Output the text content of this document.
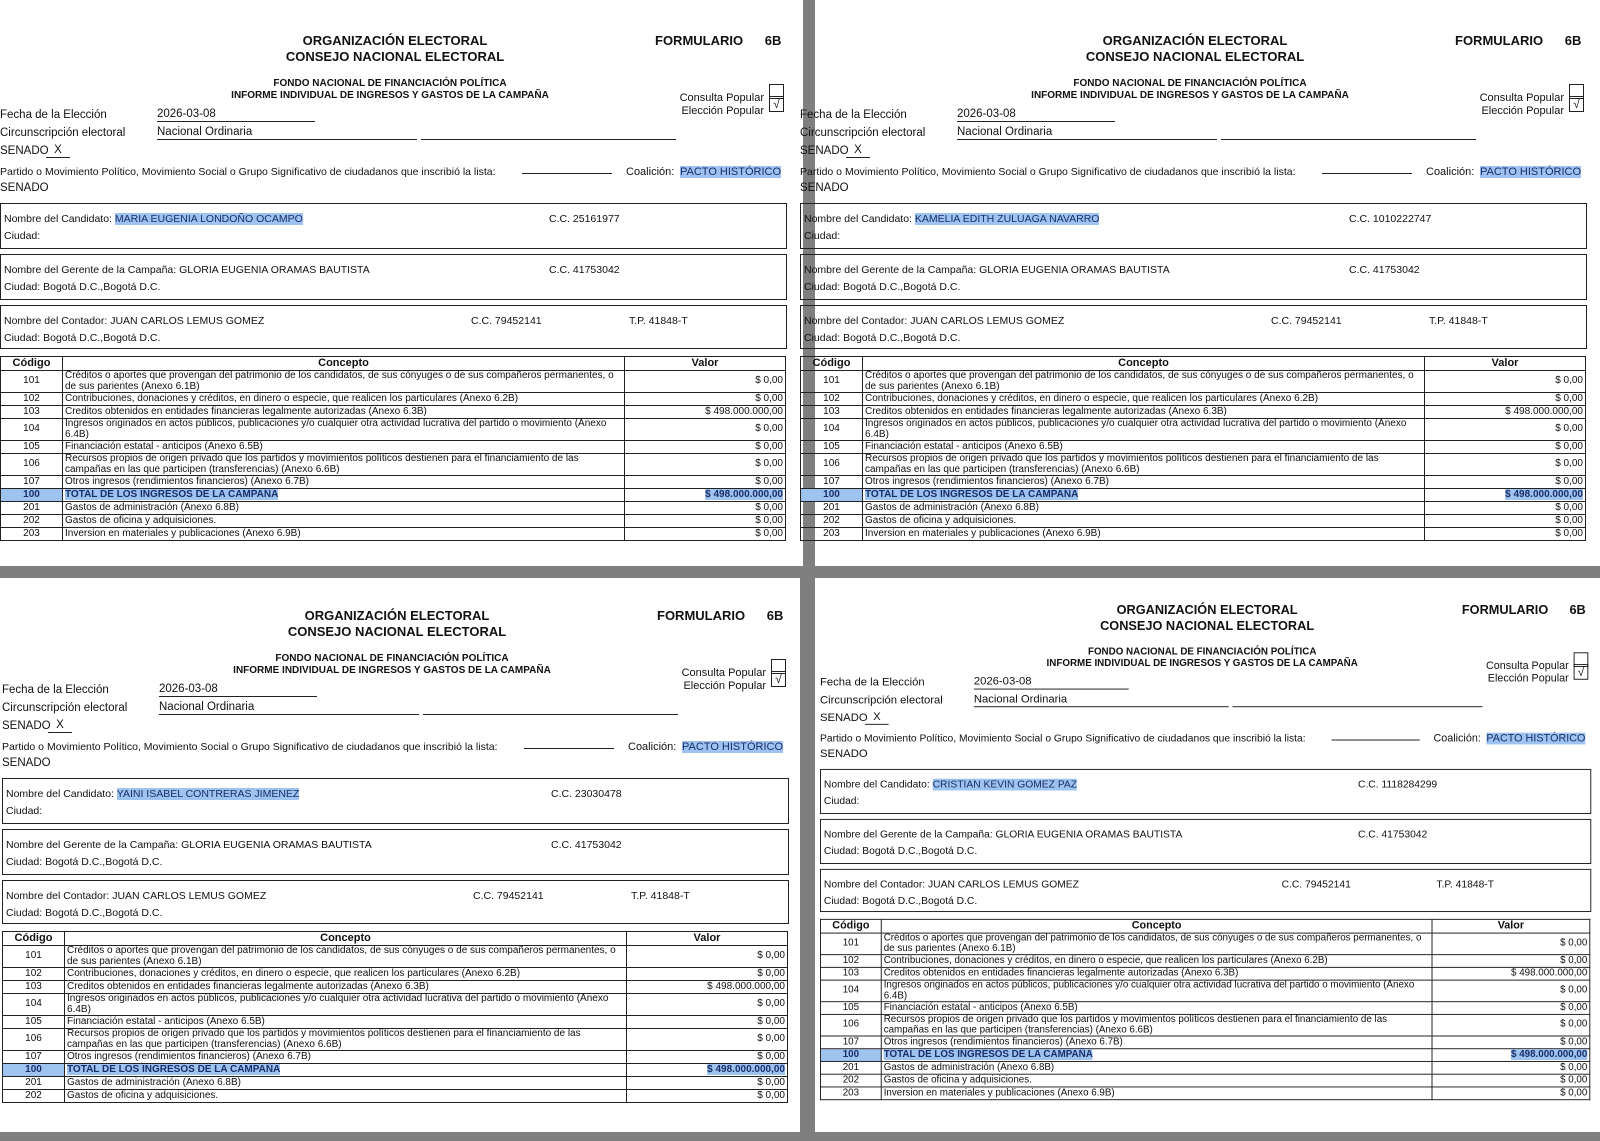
ORGANIZACIÓN ELECTORAL
CONSEJO NACIONAL ELECTORAL
FORMULARIO 6B
FONDO NACIONAL DE FINANCIACIÓN POLÍTICA
INFORME INDIVIDUAL DE INGRESOS Y GASTOS DE LA CAMPAÑA	Consulta Popular
Elección Popular √
Fecha de la Elección	2026-03-08
Circunscripción electoral	Nacional Ordinaria
SENADO X
Partido o Movimiento Político, Movimiento Social o Grupo Significativo de ciudadanos que inscribió la lista:	Coalición: PACTO HISTÓRICO
SENADO
Nombre del Candidato: MARIA EUGENIA LONDOÑO OCAMPO	C.C. 25161977
Ciudad:
Nombre del Gerente de la Campaña: GLORIA EUGENIA ORAMAS BAUTISTA	C.C. 41753042
Ciudad: Bogotá D.C.,Bogotá D.C.
Nombre del Contador: JUAN CARLOS LEMUS GOMEZ	C.C. 79452141	T.P. 41848-T
Ciudad: Bogotá D.C.,Bogotá D.C.
Código	Concepto	Valor
101	Créditos o aportes que provengan del patrimonio de los candidatos, de sus cónyuges o de sus compañeros permanentes, o de sus parientes (Anexo 6.1B)	$ 0,00
102	Contribuciones, donaciones y créditos, en dinero o especie, que realicen los particulares (Anexo 6.2B)	$ 0,00
103	Creditos obtenidos en entidades financieras legalmente autorizadas (Anexo 6.3B)	$ 498.000.000,00
104	Ingresos originados en actos públicos, publicaciones y/o cualquier otra actividad lucrativa del partido o movimiento (Anexo 6.4B)	$ 0,00
105	Financiación estatal - anticipos (Anexo 6.5B)	$ 0,00
106	Recursos propios de origen privado que los partidos y movimientos políticos destienen para el financiamiento de las campañas en las que participen (transferencias) (Anexo 6.6B)	$ 0,00
107	Otros ingresos (rendimientos financieros) (Anexo 6.7B)	$ 0,00
100	TOTAL DE LOS INGRESOS DE LA CAMPAÑA	$ 498.000.000,00
201	Gastos de administración (Anexo 6.8B)	$ 0,00
202	Gastos de oficina y adquisiciones.	$ 0,00
203	Inversion en materiales y publicaciones (Anexo 6.9B)	$ 0,00
ORGANIZACIÓN ELECTORAL
CONSEJO NACIONAL ELECTORAL
FORMULARIO 6B
FONDO NACIONAL DE FINANCIACIÓN POLÍTICA
INFORME INDIVIDUAL DE INGRESOS Y GASTOS DE LA CAMPAÑA	Consulta Popular
Elección Popular √
Fecha de la Elección	2026-03-08
Circunscripción electoral	Nacional Ordinaria
SENADO X
Partido o Movimiento Político, Movimiento Social o Grupo Significativo de ciudadanos que inscribió la lista:	Coalición: PACTO HISTÓRICO
SENADO
Nombre del Candidato: KAMELIA EDITH ZULUAGA NAVARRO	C.C. 1010222747
Ciudad:
Nombre del Gerente de la Campaña: GLORIA EUGENIA ORAMAS BAUTISTA	C.C. 41753042
Ciudad: Bogotá D.C.,Bogotá D.C.
Nombre del Contador: JUAN CARLOS LEMUS GOMEZ	C.C. 79452141	T.P. 41848-T
Ciudad: Bogotá D.C.,Bogotá D.C.
Código	Concepto	Valor
101	Créditos o aportes que provengan del patrimonio de los candidatos, de sus cónyuges o de sus compañeros permanentes, o de sus parientes (Anexo 6.1B)	$ 0,00
102	Contribuciones, donaciones y créditos, en dinero o especie, que realicen los particulares (Anexo 6.2B)	$ 0,00
103	Creditos obtenidos en entidades financieras legalmente autorizadas (Anexo 6.3B)	$ 498.000.000,00
104	Ingresos originados en actos públicos, publicaciones y/o cualquier otra actividad lucrativa del partido o movimiento (Anexo 6.4B)	$ 0,00
105	Financiación estatal - anticipos (Anexo 6.5B)	$ 0,00
106	Recursos propios de origen privado que los partidos y movimientos políticos destienen para el financiamiento de las campañas en las que participen (transferencias) (Anexo 6.6B)	$ 0,00
107	Otros ingresos (rendimientos financieros) (Anexo 6.7B)	$ 0,00
100	TOTAL DE LOS INGRESOS DE LA CAMPAÑA	$ 498.000.000,00
201	Gastos de administración (Anexo 6.8B)	$ 0,00
202	Gastos de oficina y adquisiciones.	$ 0,00
203	Inversion en materiales y publicaciones (Anexo 6.9B)	$ 0,00
ORGANIZACIÓN ELECTORAL
CONSEJO NACIONAL ELECTORAL
FORMULARIO 6B
FONDO NACIONAL DE FINANCIACIÓN POLÍTICA
INFORME INDIVIDUAL DE INGRESOS Y GASTOS DE LA CAMPAÑA	Consulta Popular
Elección Popular √
Fecha de la Elección	2026-03-08
Circunscripción electoral	Nacional Ordinaria
SENADO X
Partido o Movimiento Político, Movimiento Social o Grupo Significativo de ciudadanos que inscribió la lista:	Coalición: PACTO HISTÓRICO
SENADO
Nombre del Candidato: YAINI ISABEL CONTRERAS JIMENEZ	C.C. 23030478
Ciudad:
Nombre del Gerente de la Campaña: GLORIA EUGENIA ORAMAS BAUTISTA	C.C. 41753042
Ciudad: Bogotá D.C.,Bogotá D.C.
Nombre del Contador: JUAN CARLOS LEMUS GOMEZ	C.C. 79452141	T.P. 41848-T
Ciudad: Bogotá D.C.,Bogotá D.C.
Código	Concepto	Valor
101	Créditos o aportes que provengan del patrimonio de los candidatos, de sus cónyuges o de sus compañeros permanentes, o de sus parientes (Anexo 6.1B)	$ 0,00
102	Contribuciones, donaciones y créditos, en dinero o especie, que realicen los particulares (Anexo 6.2B)	$ 0,00
103	Creditos obtenidos en entidades financieras legalmente autorizadas (Anexo 6.3B)	$ 498.000.000,00
104	Ingresos originados en actos públicos, publicaciones y/o cualquier otra actividad lucrativa del partido o movimiento (Anexo 6.4B)	$ 0,00
105	Financiación estatal - anticipos (Anexo 6.5B)	$ 0,00
106	Recursos propios de origen privado que los partidos y movimientos políticos destienen para el financiamiento de las campañas en las que participen (transferencias) (Anexo 6.6B)	$ 0,00
107	Otros ingresos (rendimientos financieros) (Anexo 6.7B)	$ 0,00
100	TOTAL DE LOS INGRESOS DE LA CAMPAÑA	$ 498.000.000,00
201	Gastos de administración (Anexo 6.8B)	$ 0,00
202	Gastos de oficina y adquisiciones.	$ 0,00
ORGANIZACIÓN ELECTORAL
CONSEJO NACIONAL ELECTORAL
FORMULARIO 6B
FONDO NACIONAL DE FINANCIACIÓN POLÍTICA
INFORME INDIVIDUAL DE INGRESOS Y GASTOS DE LA CAMPAÑA	Consulta Popular
Elección Popular √
Fecha de la Elección	2026-03-08
Circunscripción electoral	Nacional Ordinaria
SENADO X
Partido o Movimiento Político, Movimiento Social o Grupo Significativo de ciudadanos que inscribió la lista:	Coalición: PACTO HISTÓRICO
SENADO
Nombre del Candidato: CRISTIAN KEVIN GOMEZ PAZ	C.C. 1118284299
Ciudad:
Nombre del Gerente de la Campaña: GLORIA EUGENIA ORAMAS BAUTISTA	C.C. 41753042
Ciudad: Bogotá D.C.,Bogotá D.C.
Nombre del Contador: JUAN CARLOS LEMUS GOMEZ	C.C. 79452141	T.P. 41848-T
Ciudad: Bogotá D.C.,Bogotá D.C.
Código	Concepto	Valor
101	Créditos o aportes que provengan del patrimonio de los candidatos, de sus cónyuges o de sus compañeros permanentes, o de sus parientes (Anexo 6.1B)	$ 0,00
102	Contribuciones, donaciones y créditos, en dinero o especie, que realicen los particulares (Anexo 6.2B)	$ 0,00
103	Creditos obtenidos en entidades financieras legalmente autorizadas (Anexo 6.3B)	$ 498.000.000,00
104	Ingresos originados en actos públicos, publicaciones y/o cualquier otra actividad lucrativa del partido o movimiento (Anexo 6.4B)	$ 0,00
105	Financiación estatal - anticipos (Anexo 6.5B)	$ 0,00
106	Recursos propios de origen privado que los partidos y movimientos políticos destienen para el financiamiento de las campañas en las que participen (transferencias) (Anexo 6.6B)	$ 0,00
107	Otros ingresos (rendimientos financieros) (Anexo 6.7B)	$ 0,00
100	TOTAL DE LOS INGRESOS DE LA CAMPAÑA	$ 498.000.000,00
201	Gastos de administración (Anexo 6.8B)	$ 0,00
202	Gastos de oficina y adquisiciones.	$ 0,00
203	Inversion en materiales y publicaciones (Anexo 6.9B)	$ 0,00
